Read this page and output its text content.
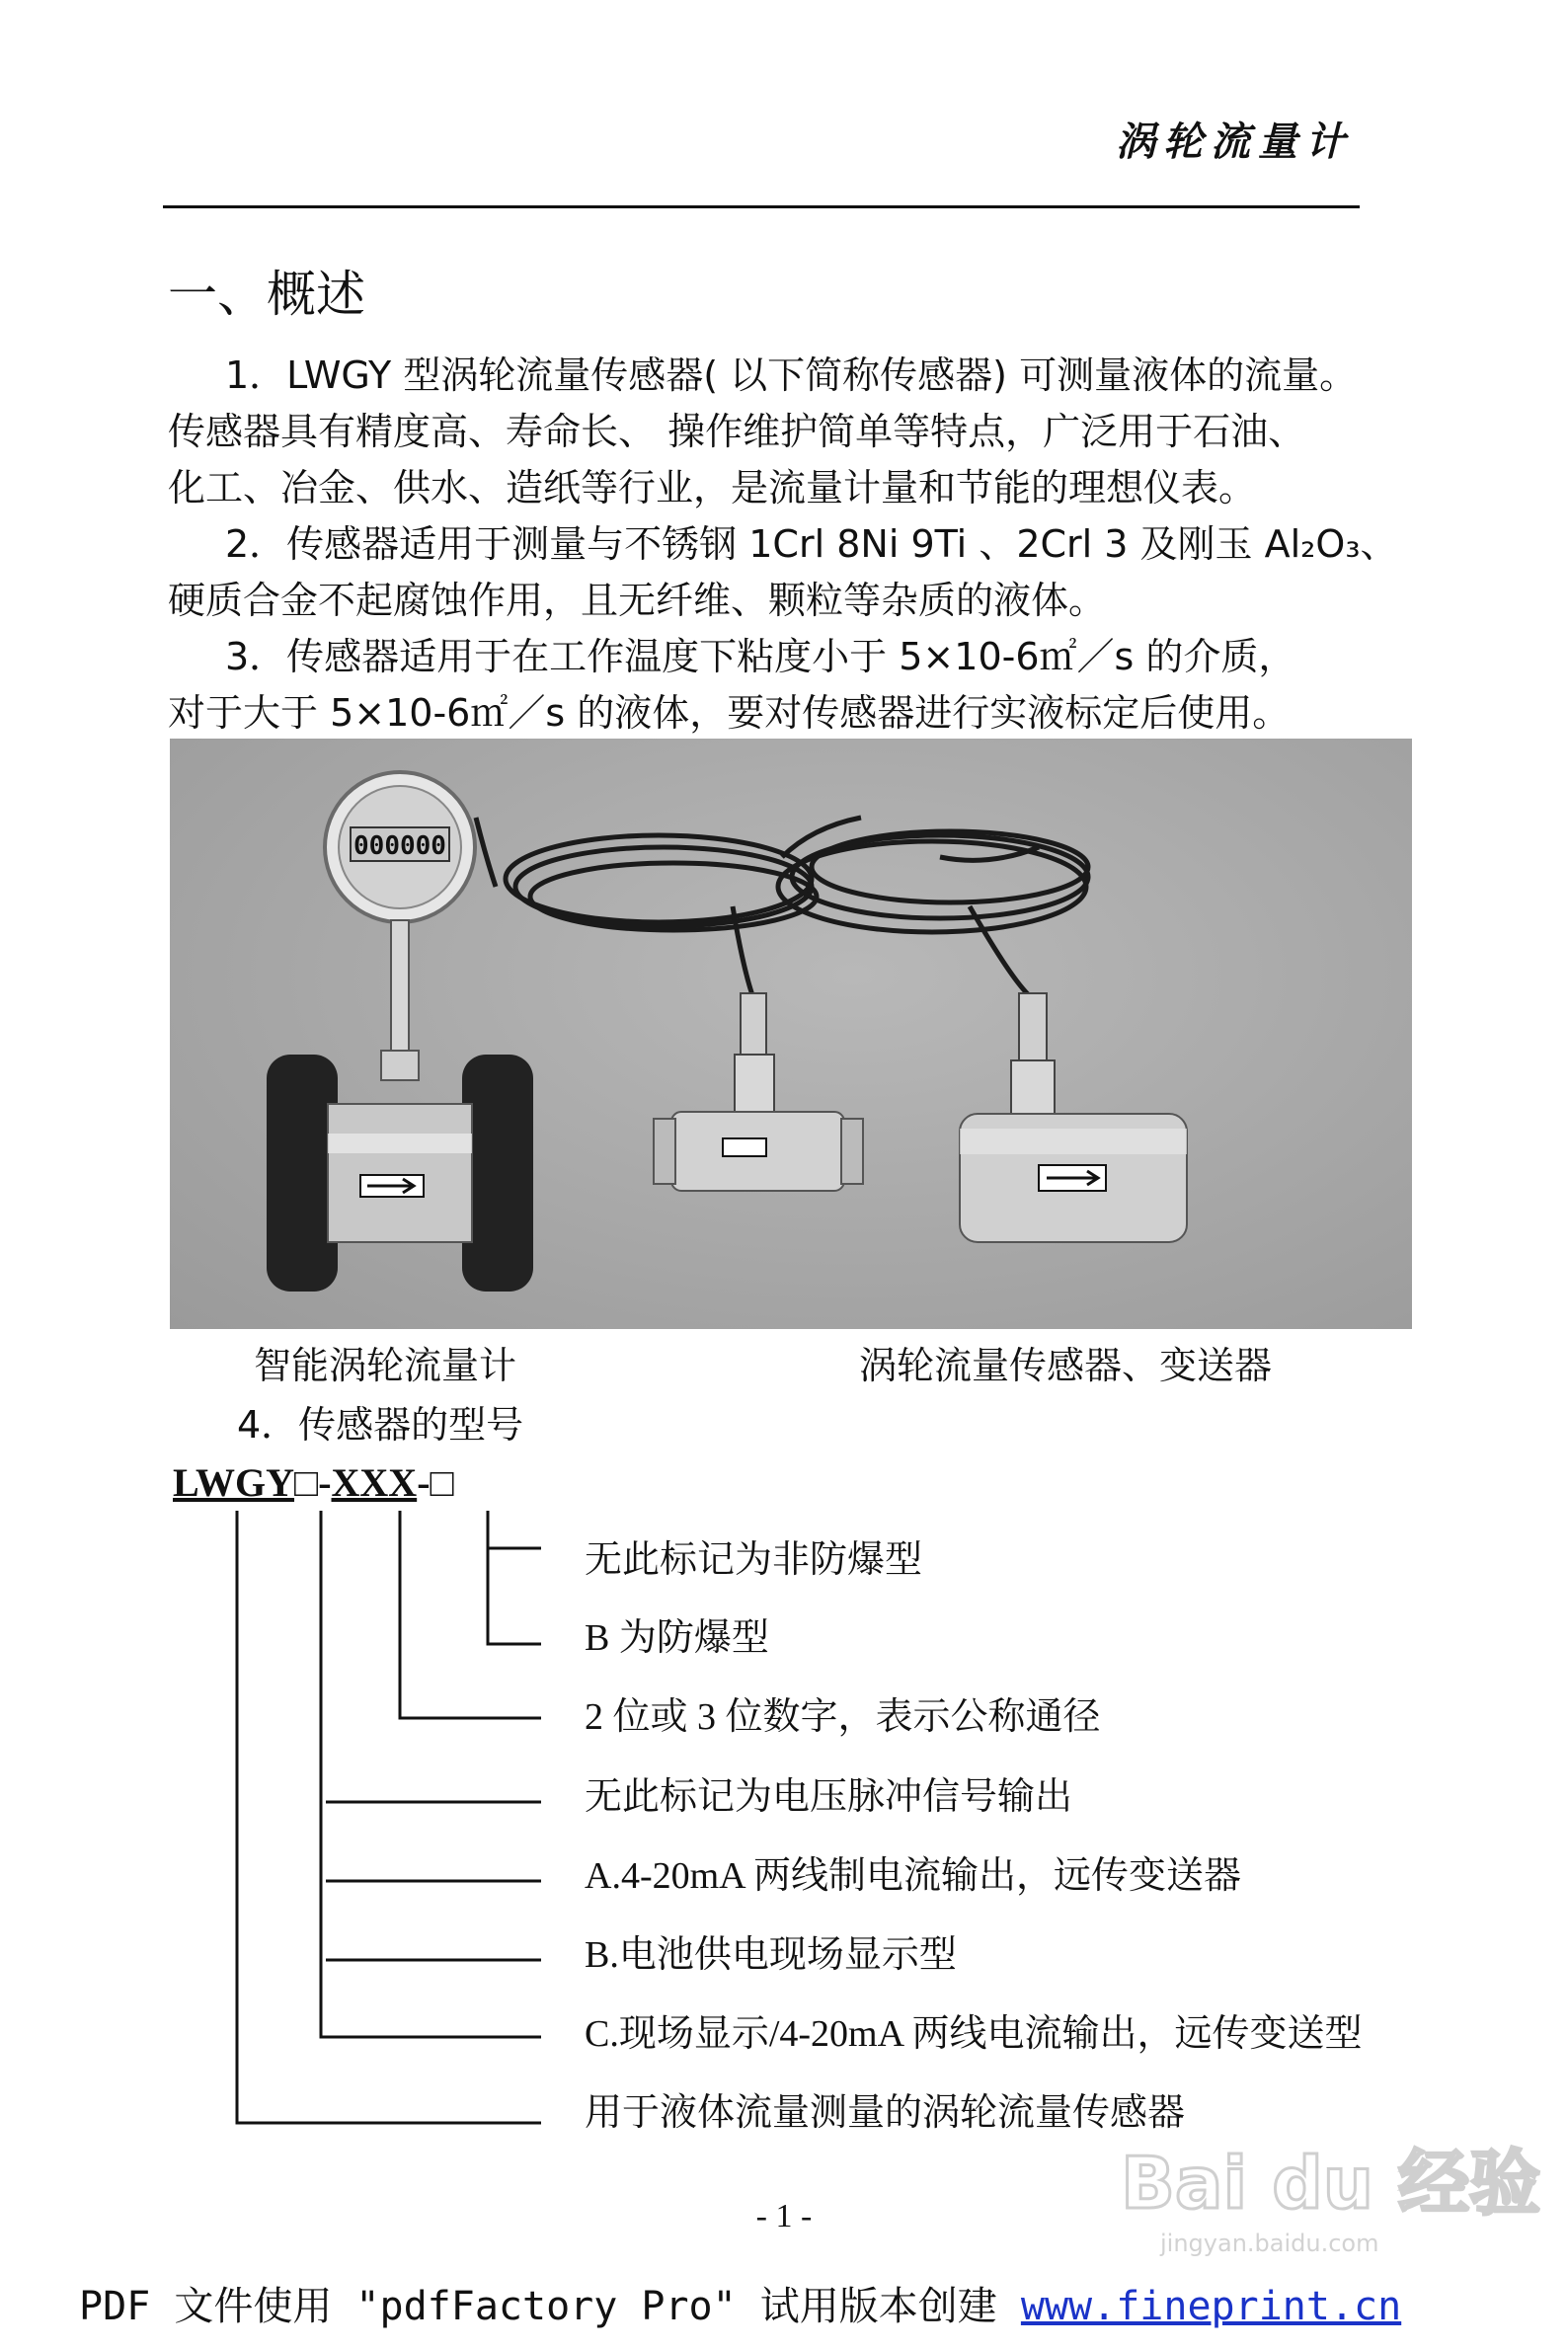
涡轮流量计
一、概述

1．LWGY 型涡轮流量传感器( 以下简称传感器) 可测量液体的流量。

传感器具有精度高、寿命长、 操作维护简单等特点，广泛用于石油、

化工、冶金、供水、造纸等行业，是流量计量和节能的理想仪表。

2．传感器适用于测量与不锈钢 1Crl 8Ni 9Ti 、2Crl 3 及刚玉 Al₂O₃、

硬质合金不起腐蚀作用，且无纤维、颗粒等杂质的液体。

3．传感器适用于在工作温度下粘度小于 5×10-6㎡／s 的介质，

对于大于 5×10-6㎡／s 的液体，要对传感器进行实液标定后使用。

000000
智能涡轮流量计	涡轮流量传感器、变送器
4．传感器的型号
LWGY□-XXX-□
无此标记为非防爆型
B 为防爆型
2 位或 3 位数字，表示公称通径
无此标记为电压脉冲信号输出
A.4-20mA 两线制电流输出，远传变送器
B.电池供电现场显示型
C.现场显示/4-20mA 两线电流输出，远传变送型
用于液体流量测量的涡轮流量传感器
- 1 -
PDF 文件使用 "pdfFactory Pro" 试用版本创建 www.fineprint.cn
Bai du 经验
jingyan.baidu.com
